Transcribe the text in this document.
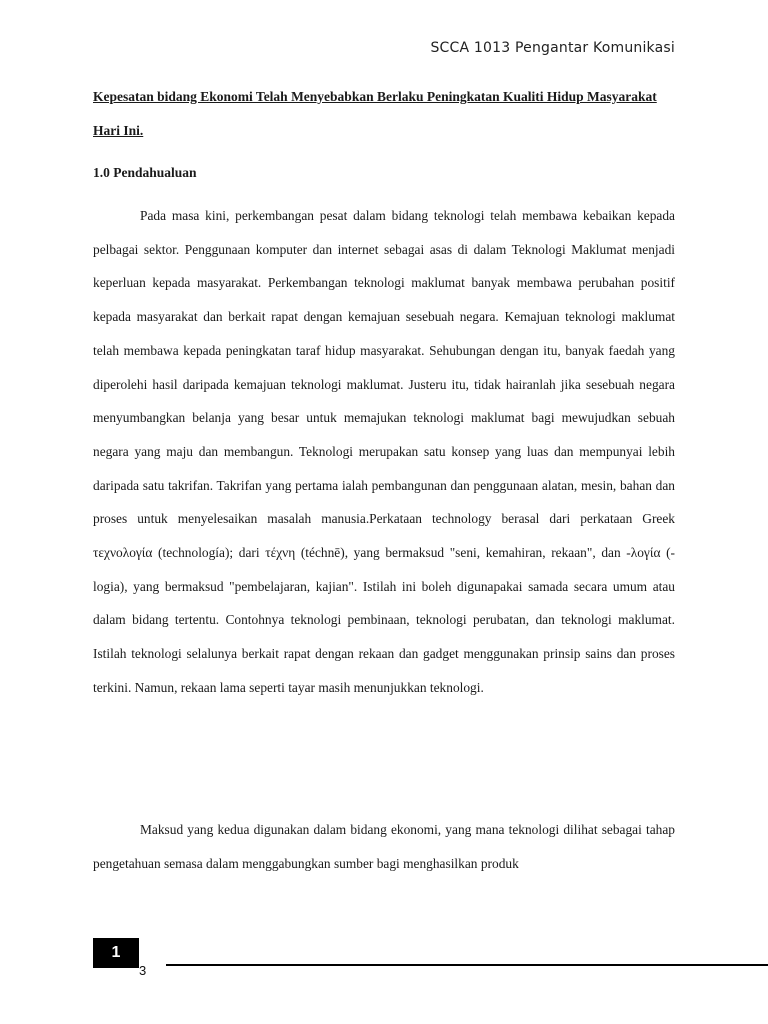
SCCA 1013 Pengantar Komunikasi
Kepesatan bidang Ekonomi Telah Menyebabkan Berlaku Peningkatan Kualiti Hidup Masyarakat Hari Ini.
1.0 Pendahualuan

Pada masa kini, perkembangan pesat dalam bidang teknologi telah membawa kebaikan kepada pelbagai sektor. Penggunaan komputer dan internet sebagai asas di dalam Teknologi Maklumat menjadi keperluan kepada masyarakat. Perkembangan teknologi maklumat banyak membawa perubahan positif kepada masyarakat dan berkait rapat dengan kemajuan sesebuah negara. Kemajuan teknologi maklumat telah membawa kepada peningkatan taraf hidup masyarakat. Sehubungan dengan itu, banyak faedah yang diperolehi hasil daripada kemajuan teknologi maklumat. Justeru itu, tidak hairanlah jika sesebuah negara menyumbangkan belanja yang besar untuk memajukan teknologi maklumat bagi mewujudkan sebuah negara yang maju dan membangun. Teknologi merupakan satu konsep yang luas dan mempunyai lebih daripada satu takrifan. Takrifan yang pertama ialah pembangunan dan penggunaan alatan, mesin, bahan dan proses untuk menyelesaikan masalah manusia.Perkataan technology berasal dari perkataan Greek τεχνολογία (technología); dari τέχνη (téchnē), yang bermaksud "seni, kemahiran, rekaan", dan -λογία (-logia), yang bermaksud "pembelajaran, kajian". Istilah ini boleh digunapakai samada secara umum atau dalam bidang tertentu. Contohnya teknologi pembinaan, teknologi perubatan, dan teknologi maklumat. Istilah teknologi selalunya berkait rapat dengan rekaan dan gadget menggunakan prinsip sains dan proses terkini. Namun, rekaan lama seperti tayar masih menunjukkan teknologi.

Maksud yang kedua digunakan dalam bidang ekonomi, yang mana teknologi dilihat sebagai tahap pengetahuan semasa dalam menggabungkan sumber bagi menghasilkan produk

1
3
